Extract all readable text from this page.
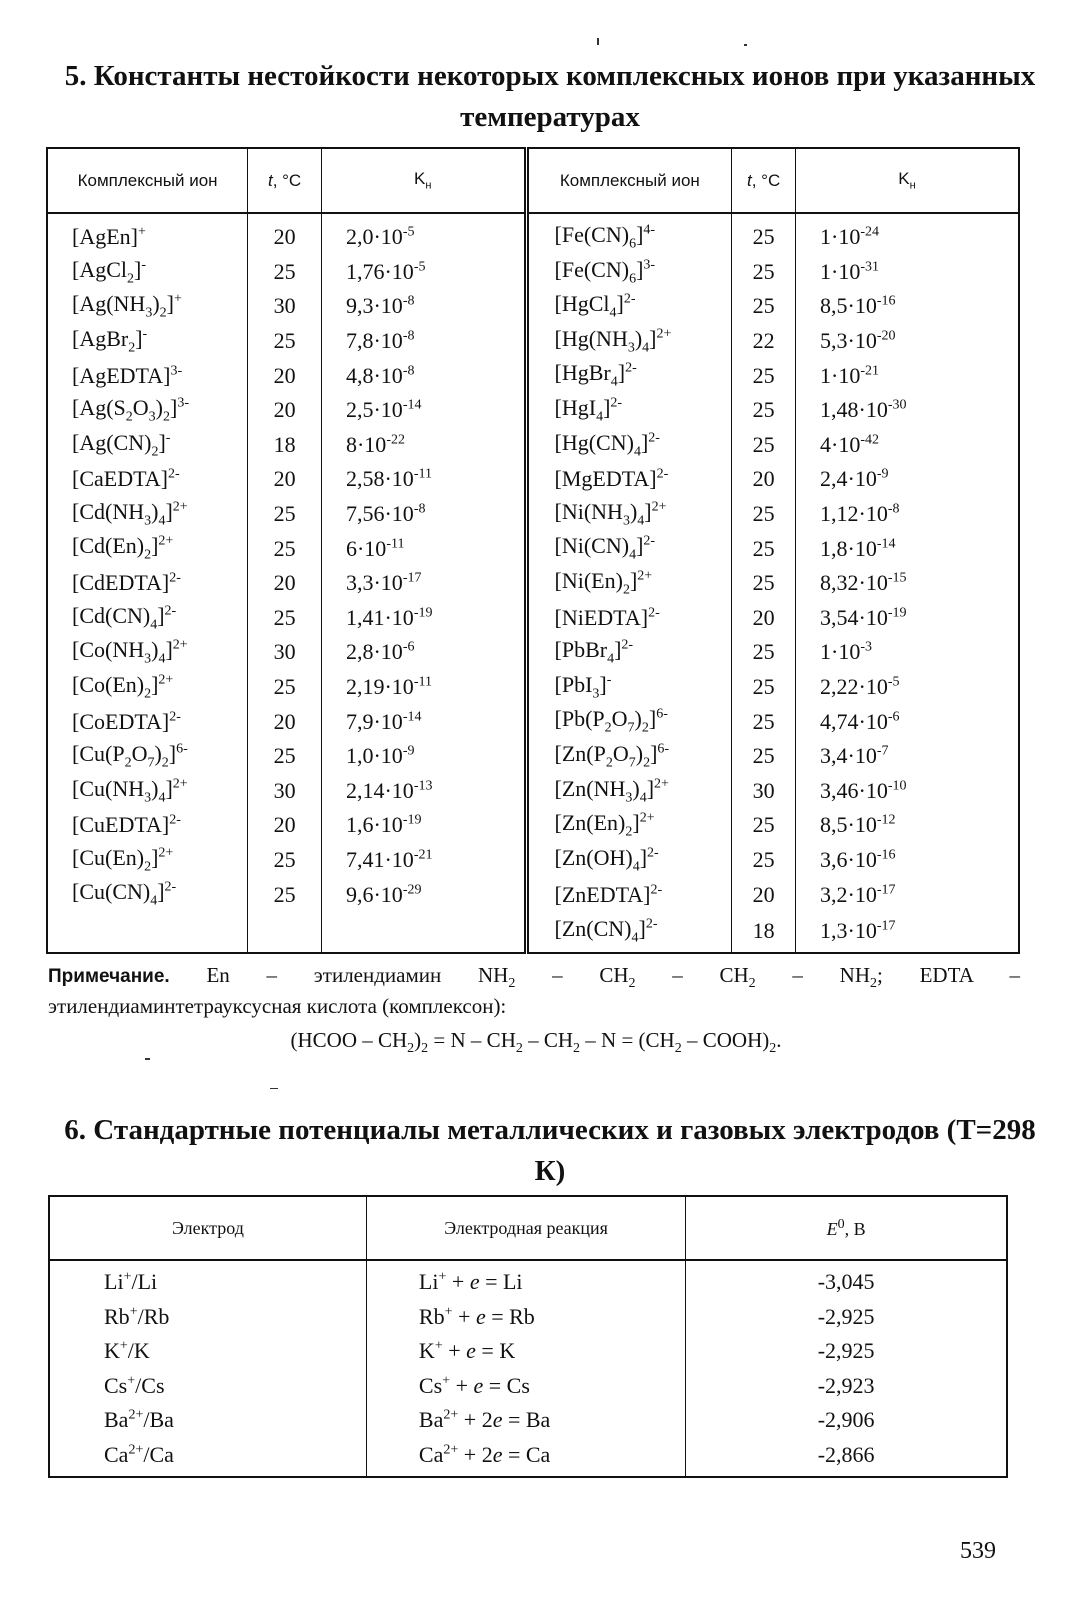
5. Константы нестойкости некоторых комплексных ионов при указанных температурах
Комплексный ион	t, °C	$K_н$	Комплексный ион	t, °C	$K_н$
[AgEn]+	20	$2,0\cdot 10^{-5}$	$[Fe(CN)_6]^{4-}$	25	$1\cdot 10^{-24}$
[AgCl$_2$]-	25	$1,76\cdot 10^{-5}$	$[Fe(CN)_6]^{3-}$	25	$1\cdot 10^{-31}$
$[Ag(NH_3)_2]^+$	30	$9,3\cdot 10^{-8}$	[HgCl$_4$]$^{2-}$	25	$8,5\cdot 10^{-16}$
[AgBr$_2$]-	25	$7,8\cdot 10^{-8}$	$[Hg(NH_3)_4]^{2+}$	22	$5,3\cdot 10^{-20}$
[AgEDTA]$^{3-}$	20	$4,8\cdot 10^{-8}$	[HgBr$_4$]$^{2-}$	25	$1\cdot 10^{-21}$
$[Ag(S_2O_3)_2]^{3-}$	20	$2,5\cdot 10^{-14}$	$[HgI_4]^{2-}$	25	$1,48\cdot 10^{-30}$
$[Ag(CN)_2]^-$	18	$8\cdot 10^{-22}$	$[Hg(CN)_4]^{2-}$	25	$4\cdot 10^{-42}$
[CaEDTA]$^{2-}$	20	$2,58\cdot 10^{-11}$	[MgEDTA]$^{2-}$	20	$2,4\cdot 10^{-9}$
$[Cd(NH_3)_4]^{2+}$	25	$7,56\cdot 10^{-8}$	$[Ni(NH_3)_4]^{2+}$	25	$1,12\cdot 10^{-8}$
$[Cd(En)_2]^{2+}$	25	$6\cdot 10^{-11}$	$[Ni(CN)_4]^{2-}$	25	$1,8\cdot 10^{-14}$
[CdEDTA]$^{2-}$	20	$3,3\cdot 10^{-17}$	$[Ni(En)_2]^{2+}$	25	$8,32\cdot 10^{-15}$
$[Cd(CN)_4]^{2-}$	25	$1,41\cdot 10^{-19}$	[NiEDTA]$^{2-}$	20	$3,54\cdot 10^{-19}$
$[Co(NH_3)_4]^{2+}$	30	$2,8\cdot 10^{-6}$	[PbBr$_4$]$^{2-}$	25	$1\cdot 10^{-3}$
$[Co(En)_2]^{2+}$	25	$2,19\cdot 10^{-11}$	[PbI$_3$]-	25	$2,22\cdot 10^{-5}$
[CoEDTA]$^{2-}$	20	$7,9\cdot 10^{-14}$	$[Pb(P_2O_7)_2]^{6-}$	25	$4,74\cdot 10^{-6}$
$[Cu(P_2O_7)_2]^{6-}$	25	$1,0\cdot 10^{-9}$	$[Zn(P_2O_7)_2]^{6-}$	25	$3,4\cdot 10^{-7}$
$[Cu(NH_3)_4]^{2+}$	30	$2,14\cdot 10^{-13}$	$[Zn(NH_3)_4]^{2+}$	30	$3,46\cdot 10^{-10}$
[CuEDTA]$^{2-}$	20	$1,6\cdot 10^{-19}$	$[Zn(En)_2]^{2+}$	25	$8,5\cdot 10^{-12}$
$[Cu(En)_2]^{2+}$	25	$7,41\cdot 10^{-21}$	$[Zn(OH)_4]^{2-}$	25	$3,6\cdot 10^{-16}$
$[Cu(CN)_4]^{2-}$	25	$9,6\cdot 10^{-29}$	[ZnEDTA]$^{2-}$	20	$3,2\cdot 10^{-17}$
			$[Zn(CN)_4]^{2-}$	18	$1,3\cdot 10^{-17}$
Примечание. En – этилендиамин $NH_2 - CH_2 - CH_2 - NH_2$; EDTA –
этилендиаминтетрауксусная кислота (комплексон):
(HCOO – $CH_2)_2 = N - CH_2 - CH_2 - N = (CH_2$ – $COOH)_2$.
6. Стандартные потенциалы металлических и газовых электродов (Т=298 К)
Электрод	Электродная реакция	$E^0$, В
Li+/Li	Li+ + e = Li	-3,045
Rb+/Rb	Rb+ + e = Rb	-2,925
K+/K	K+ + e = K	-2,925
Cs+/Cs	Cs+ + e = Cs	-2,923
$Ba^{2+}/Ba$	$Ba^{2+} + 2e = Ba$	-2,906
$Ca^{2+}/Ca$	$Ca^{2+} + 2e = Ca$	-2,866
539
